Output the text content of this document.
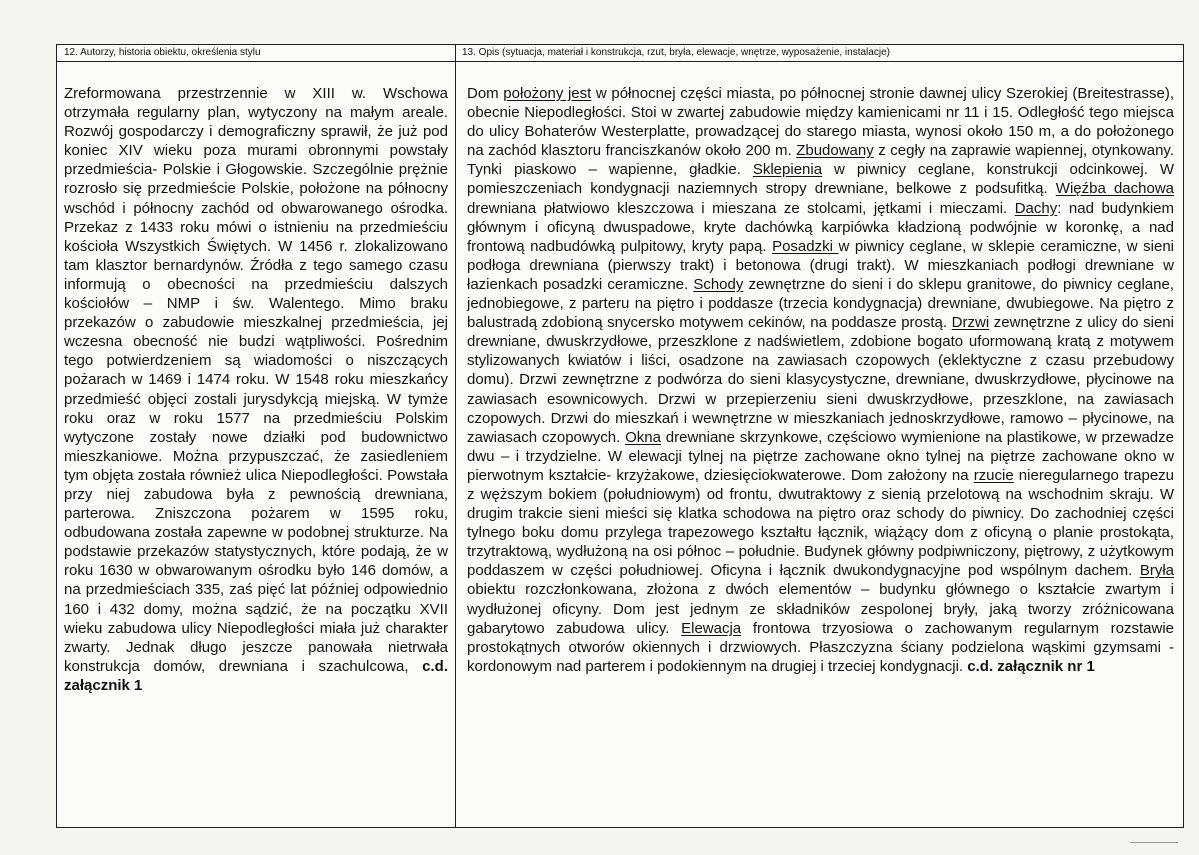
12. Autorzy, historia obiektu, określenia stylu
Zreformowana przestrzennie w XIII w. Wschowa otrzymała regularny plan, wytyczony na małym areale. Rozwój gospodarczy i demograficzny sprawił, że już pod koniec XIV wieku poza murami obronnymi powstały przedmieścia- Polskie i Głogowskie. Szczególnie prężnie rozrosło się przedmieście Polskie, położone na północny wschód i północny zachód od obwarowanego ośrodka. Przekaz z 1433 roku mówi o istnieniu na przedmieściu kościoła Wszystkich Świętych. W 1456 r. zlokalizowano tam klasztor bernardynów. Źródła z tego samego czasu informują o obecności na przedmieściu dalszych kościołów – NMP i św. Walentego. Mimo braku przekazów o zabudowie mieszkalnej przedmieścia, jej wczesna obecność nie budzi wątpliwości. Pośrednim tego potwierdzeniem są wiadomości o niszczących pożarach w 1469 i 1474 roku. W 1548 roku mieszkańcy przedmieść objęci zostali jurysdykcją miejską. W tymże roku oraz w roku 1577 na przedmieściu Polskim wytyczone zostały nowe działki pod budownictwo mieszkaniowe. Można przypuszczać, że zasiedleniem tym objęta została również ulica Niepodległości. Powstała przy niej zabudowa była z pewnością drewniana, parterowa. Zniszczona pożarem w 1595 roku, odbudowana została zapewne w podobnej strukturze. Na podstawie przekazów statystycznych, które podają, że w roku 1630 w obwarowanym ośrodku było 146 domów, a na przedmieściach 335, zaś pięć lat później odpowiednio 160 i 432 domy, można sądzić, że na początku XVII wieku zabudowa ulicy Niepodległości miała już charakter zwarty. Jednak długo jeszcze panowała nietrwała konstrukcja domów, drewniana i szachulcowa, c.d. załącznik 1
13. Opis (sytuacja, materiał i konstrukcja, rzut, bryła, elewacje, wnętrze, wyposażenie, instalacje)
Dom położony jest w północnej części miasta, po północnej stronie dawnej ulicy Szerokiej (Breitestrasse), obecnie Niepodległości. Stoi w zwartej zabudowie między kamienicami nr 11 i 15. Odległość tego miejsca do ulicy Bohaterów Westerplatte, prowadzącej do starego miasta, wynosi około 150 m, a do położonego na zachód klasztoru franciszkanów około 200 m. Zbudowany z cegły na zaprawie wapiennej, otynkowany. Tynki piaskowo – wapienne, gładkie. Sklepienia w piwnicy ceglane, konstrukcji odcinkowej. W pomieszczeniach kondygnacji naziemnych stropy drewniane, belkowe z podsufitką. Więźba dachowa drewniana płatwiowo kleszczowa i mieszana ze stolcami, jętkami i mieczami. Dachy: nad budynkiem głównym i oficyną dwuspadowe, kryte dachówką karpiówka kładzioną podwójnie w koronkę, a nad frontową nadbudówką pulpitowy, kryty papą. Posadzki w piwnicy ceglane, w sklepie ceramiczne, w sieni podłoga drewniana (pierwszy trakt) i betonowa (drugi trakt). W mieszkaniach podłogi drewniane w łazienkach posadzki ceramiczne. Schody zewnętrzne do sieni i do sklepu granitowe, do piwnicy ceglane, jednobiegowe, z parteru na piętro i poddasze (trzecia kondygnacja) drewniane, dwubiegowe. Na piętro z balustradą zdobioną snycersko motywem cekinów, na poddasze prostą. Drzwi zewnętrzne z ulicy do sieni drewniane, dwuskrzydłowe, przeszklone z nadświetlem, zdobione bogato uformowaną kratą z motywem stylizowanych kwiatów i liści, osadzone na zawiasach czopowych (eklektyczne z czasu przebudowy domu). Drzwi zewnętrzne z podwórza do sieni klasycystyczne, drewniane, dwuskrzydłowe, płycinowe na zawiasach esownicowych. Drzwi w przepierzeniu sieni dwuskrzydłowe, przeszklone, na zawiasach czopowych. Drzwi do mieszkań i wewnętrzne w mieszkaniach jednoskrzydłowe, ramowo – płycinowe, na zawiasach czopowych. Okna drewniane skrzynkowe, częściowo wymienione na plastikowe, w przewadze dwu – i trzydzielne. W elewacji tylnej na piętrze zachowane okno tylnej na piętrze zachowane okno w pierwotnym kształcie- krzyżakowe, dziesięciokwaterowe. Dom założony na rzucie nieregularnego trapezu z węższym bokiem (południowym) od frontu, dwutraktowy z sienią przelotową na wschodnim skraju. W drugim trakcie sieni mieści się klatka schodowa na piętro oraz schody do piwnicy. Do zachodniej części tylnego boku domu przylega trapezowego kształtu łącznik, wiążący dom z oficyną o planie prostokąta, trzytraktową, wydłużoną na osi północ – południe. Budynek główny podpiwniczony, piętrowy, z użytkowym poddaszem w części południowej. Oficyna i łącznik dwukondygnacyjne pod wspólnym dachem. Bryła obiektu rozczłonkowana, złożona z dwóch elementów – budynku głównego o kształcie zwartym i wydłużonej oficyny. Dom jest jednym ze składników zespolonej bryły, jaką tworzy zróżnicowana gabarytowo zabudowa ulicy. Elewacja frontowa trzyosiowa o zachowanym regularnym rozstawie prostokątnych otworów okiennych i drzwiowych. Płaszczyzna ściany podzielona wąskimi gzymsami - kordonowym nad parterem i podokiennym na drugiej i trzeciej kondygnacji. c.d. załącznik nr 1
